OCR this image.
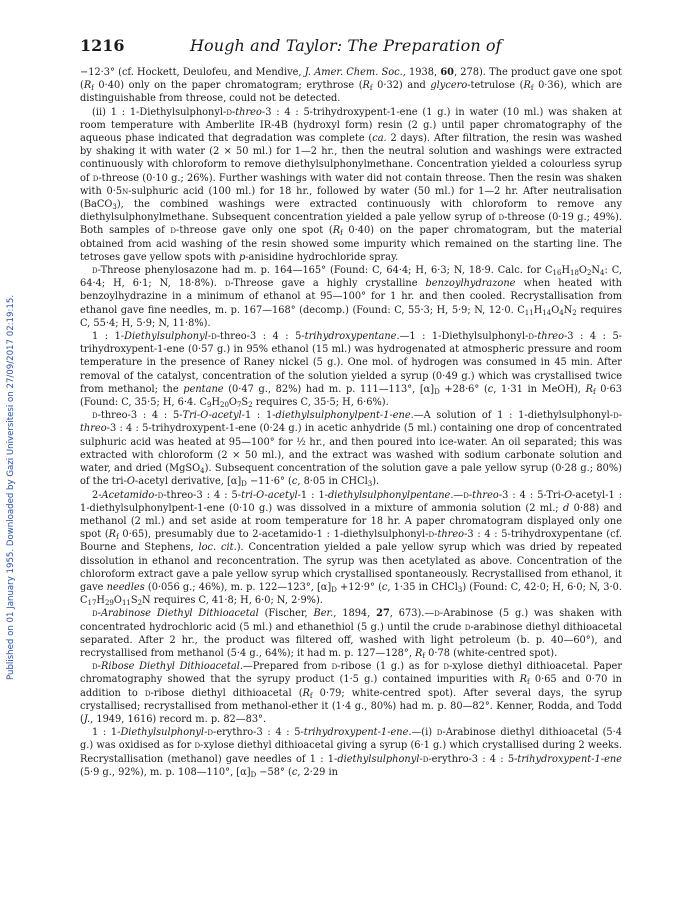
Published on 01 January 1955. Downloaded by Gazi Universitesi on 27/09/2017 02:19:15.
1216	Hough and Taylor: The Preparation of

−12·3° (cf. Hockett, Deulofeu, and Mendive, J. Amer. Chem. Soc., 1938, 60, 278). The product gave one spot ($R_f$ 0·40) only on the paper chromatogram; erythrose ($R_f$ 0·32) and glycero-tetrulose ($R_f$ 0·36), which are distinguishable from threose, could not be detected.

(ii) 1 : 1-Diethylsulphonyl-d-threo-3 : 4 : 5-trihydroxypent-1-ene (1 g.) in water (10 ml.) was shaken at room temperature with Amberlite IR-4B (hydroxyl form) resin (2 g.) until paper chromatography of the aqueous phase indicated that degradation was complete (ca. 2 days). After filtration, the resin was washed by shaking it with water (2 × 50 ml.) for 1—2 hr., then the neutral solution and washings were extracted continuously with chloroform to remove diethylsulphonylmethane. Concentration yielded a colourless syrup of d-threose (0·10 g.; 26%). Further washings with water did not contain threose. Then the resin was shaken with 0·5n-sulphuric acid (100 ml.) for 18 hr., followed by water (50 ml.) for 1—2 hr. After neutralisation (BaCO$_3$), the combined washings were extracted continuously with chloroform to remove any diethylsulphonylmethane. Subsequent concentration yielded a pale yellow syrup of d-threose (0·19 g.; 49%). Both samples of d-threose gave only one spot ($R_f$ 0·40) on the paper chromatogram, but the material obtained from acid washing of the resin showed some impurity which remained on the starting line. The tetroses gave yellow spots with p-anisidine hydrochloride spray.

d-Threose phenylosazone had m. p. 164—165° (Found: C, 64·4; H, 6·3; N, 18·9. Calc. for $C_{16}H_{18}O_2N_4$: C, 64·4; H, 6·1; N, 18·8%). d-Threose gave a highly crystalline benzoylhydrazone when heated with benzoylhydrazine in a minimum of ethanol at 95—100° for 1 hr. and then cooled. Recrystallisation from ethanol gave fine needles, m. p. 167—168° (decomp.) (Found: C, 55·3; H, 5·9; N, 12·0. $C_{11}H_{14}O_4N_2$ requires C, 55·4; H, 5·9; N, 11·8%).

1 : 1-Diethylsulphonyl-d-threo-3 : 4 : 5-trihydroxypentane.—1 : 1-Diethylsulphonyl-d-threo-3 : 4 : 5-trihydroxypent-1-ene (0·57 g.) in 95% ethanol (15 ml.) was hydrogenated at atmospheric pressure and room temperature in the presence of Raney nickel (5 g.). One mol. of hydrogen was consumed in 45 min. After removal of the catalyst, concentration of the solution yielded a syrup (0·49 g.) which was crystallised twice from methanol; the pentane (0·47 g., 82%) had m. p. 111—113°, $[\alpha]_D +28\cdot 6^\circ$ (c, 1·31 in MeOH), $R_f$ 0·63 (Found: C, 35·5; H, 6·4. $C_9H_{20}O_7S_2$ requires C, 35·5; H, 6·6%).

d-threo-3 : 4 : 5-Tri-O-acetyl-1 : 1-diethylsulphonylpent-1-ene.—A solution of 1 : 1-diethylsulphonyl-d-threo-3 : 4 : 5-trihydroxypent-1-ene (0·24 g.) in acetic anhydride (5 ml.) containing one drop of concentrated sulphuric acid was heated at 95—100° for ½ hr., and then poured into ice-water. An oil separated; this was extracted with chloroform (2 × 50 ml.), and the extract was washed with sodium carbonate solution and water, and dried (MgSO$_4$). Subsequent concentration of the solution gave a pale yellow syrup (0·28 g.; 80%) of the tri-O-acetyl derivative, $[\alpha]_D -11\cdot 6^\circ$ (c, 8·05 in CHCl$_3$).

2-Acetamido-d-threo-3 : 4 : 5-tri-O-acetyl-1 : 1-diethylsulphonylpentane.—d-threo-3 : 4 : 5-Tri-O-acetyl-1 : 1-diethylsulphonylpent-1-ene (0·10 g.) was dissolved in a mixture of ammonia solution (2 ml.; d 0·88) and methanol (2 ml.) and set aside at room temperature for 18 hr. A paper chromatogram displayed only one spot ($R_f$ 0·65), presumably due to 2-acetamido-1 : 1-diethylsulphonyl-d-threo-3 : 4 : 5-trihydroxypentane (cf. Bourne and Stephens, loc. cit.). Concentration yielded a pale yellow syrup which was dried by repeated dissolution in ethanol and reconcentration. The syrup was then acetylated as above. Concentration of the chloroform extract gave a pale yellow syrup which crystallised spontaneously. Recrystallised from ethanol, it gave needles (0·056 g.; 46%), m. p. 122—123°, $[\alpha]_D +12\cdot 9^\circ$ (c, 1·35 in CHCl$_3$) (Found: C, 42·0; H, 6·0; N, 3·0. $C_{17}H_{29}O_{11}S_2N$ requires C, 41·8; H, 6·0; N, 2·9%).

d-Arabinose Diethyl Dithioacetal (Fischer, Ber., 1894, 27, 673).—d-Arabinose (5 g.) was shaken with concentrated hydrochloric acid (5 ml.) and ethanethiol (5 g.) until the crude d-arabinose diethyl dithioacetal separated. After 2 hr., the product was filtered off, washed with light petroleum (b. p. 40—60°), and recrystallised from methanol (5·4 g., 64%); it had m. p. 127—128°, $R_f$ 0·78 (white-centred spot).

d-Ribose Diethyl Dithioacetal.—Prepared from d-ribose (1 g.) as for d-xylose diethyl dithioacetal. Paper chromatography showed that the syrupy product (1·5 g.) contained impurities with $R_f$ 0·65 and 0·70 in addition to d-ribose diethyl dithioacetal ($R_f$ 0·79; white-centred spot). After several days, the syrup crystallised; recrystallised from methanol-ether it (1·4 g., 80%) had m. p. 80—82°. Kenner, Rodda, and Todd (J., 1949, 1616) record m. p. 82—83°.

1 : 1-Diethylsulphonyl-d-erythro-3 : 4 : 5-trihydroxypent-1-ene.—(i) d-Arabinose diethyl dithioacetal (5·4 g.) was oxidised as for d-xylose diethyl dithioacetal giving a syrup (6·1 g.) which crystallised during 2 weeks. Recrystallisation (methanol) gave needles of 1 : 1-diethylsulphonyl-d-erythro-3 : 4 : 5-trihydroxypent-1-ene (5·9 g., 92%), m. p. 108—110°, $[\alpha]_D -58^\circ$ (c, 2·29 in
